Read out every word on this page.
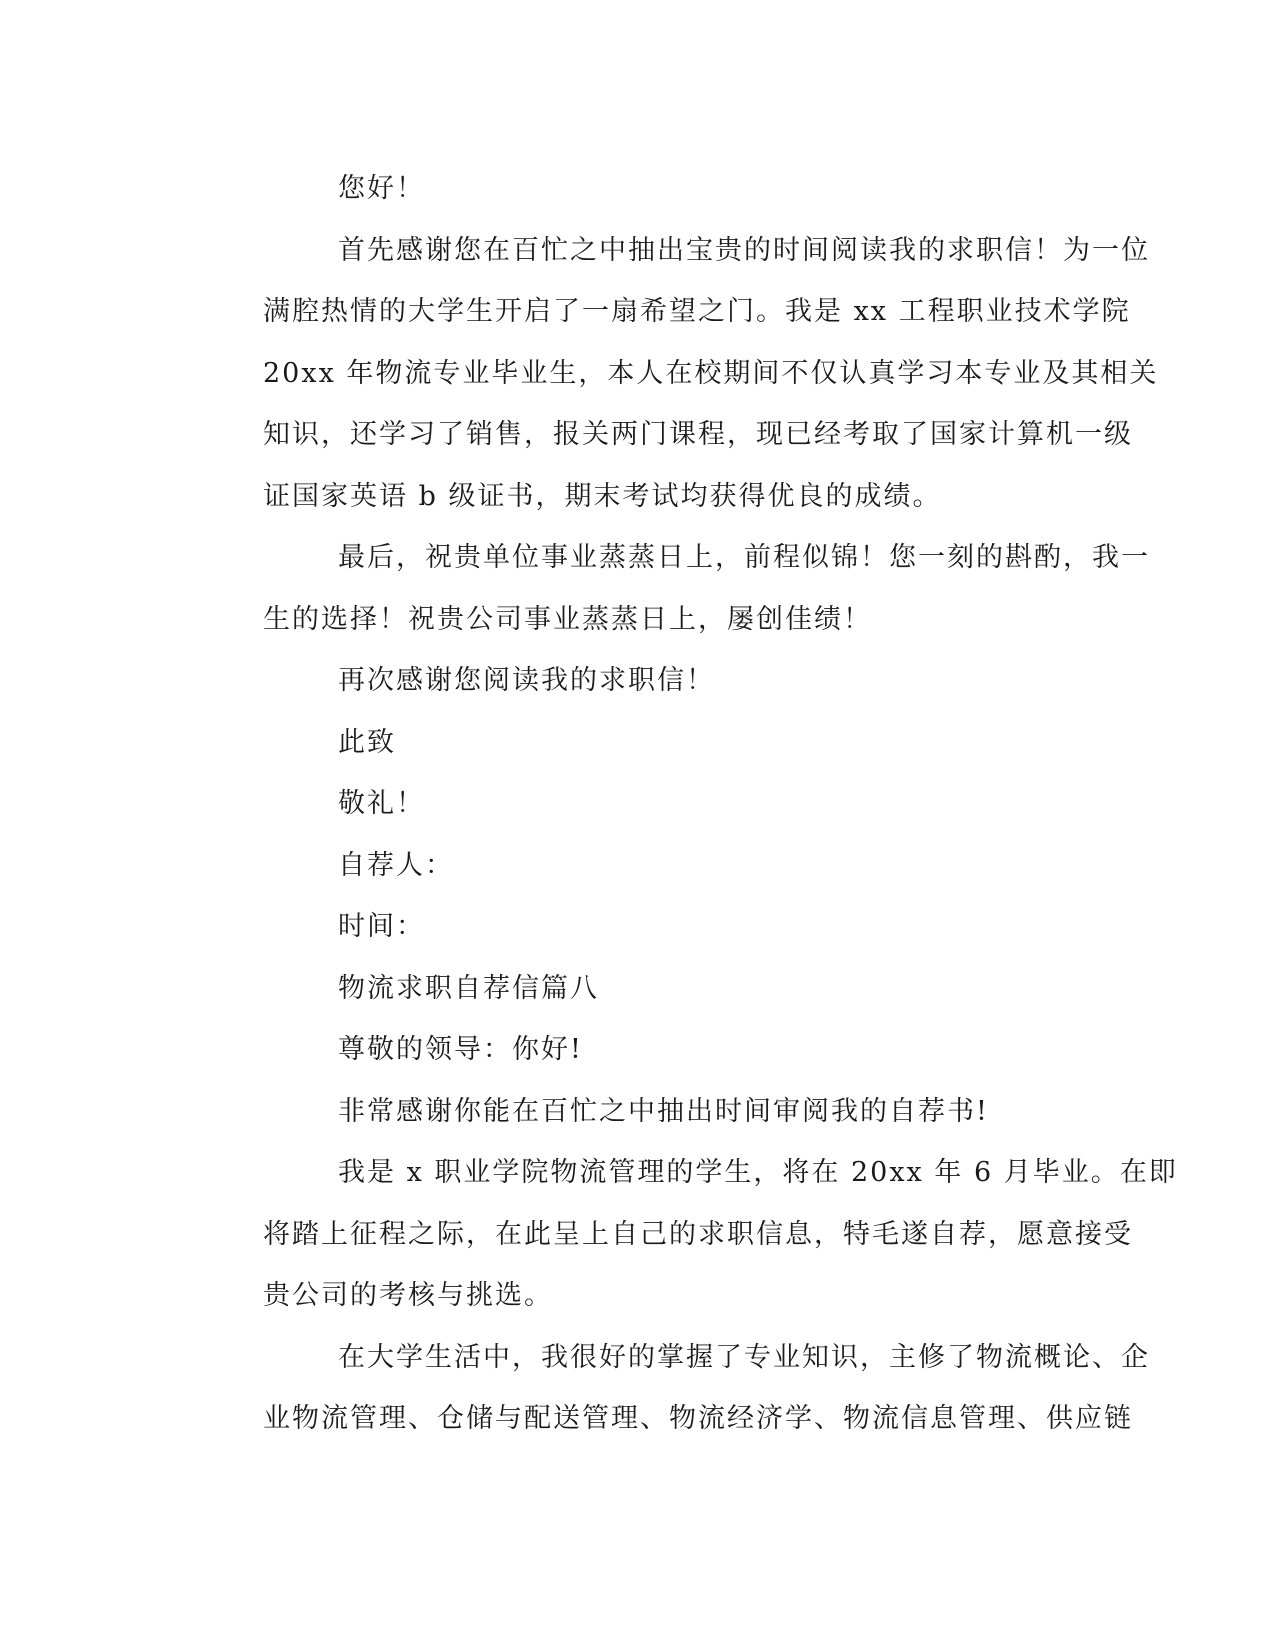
您好！
首先感谢您在百忙之中抽出宝贵的时间阅读我的求职信！为一位
满腔热情的大学生开启了一扇希望之门。我是 xx 工程职业技术学院
20xx 年物流专业毕业生，本人在校期间不仅认真学习本专业及其相关
知识，还学习了销售，报关两门课程，现已经考取了国家计算机一级
证国家英语 b 级证书，期末考试均获得优良的成绩。
最后，祝贵单位事业蒸蒸日上，前程似锦！您一刻的斟酌，我一
生的选择！祝贵公司事业蒸蒸日上，屡创佳绩！
再次感谢您阅读我的求职信！
此致
敬礼！
自荐人：
时间：
物流求职自荐信篇八
尊敬的领导：你好!
非常感谢你能在百忙之中抽出时间审阅我的自荐书!
我是 x 职业学院物流管理的学生，将在 20xx 年 6 月毕业。在即
将踏上征程之际，在此呈上自己的求职信息，特毛遂自荐，愿意接受
贵公司的考核与挑选。
在大学生活中，我很好的掌握了专业知识，主修了物流概论、企
业物流管理、仓储与配送管理、物流经济学、物流信息管理、供应链
